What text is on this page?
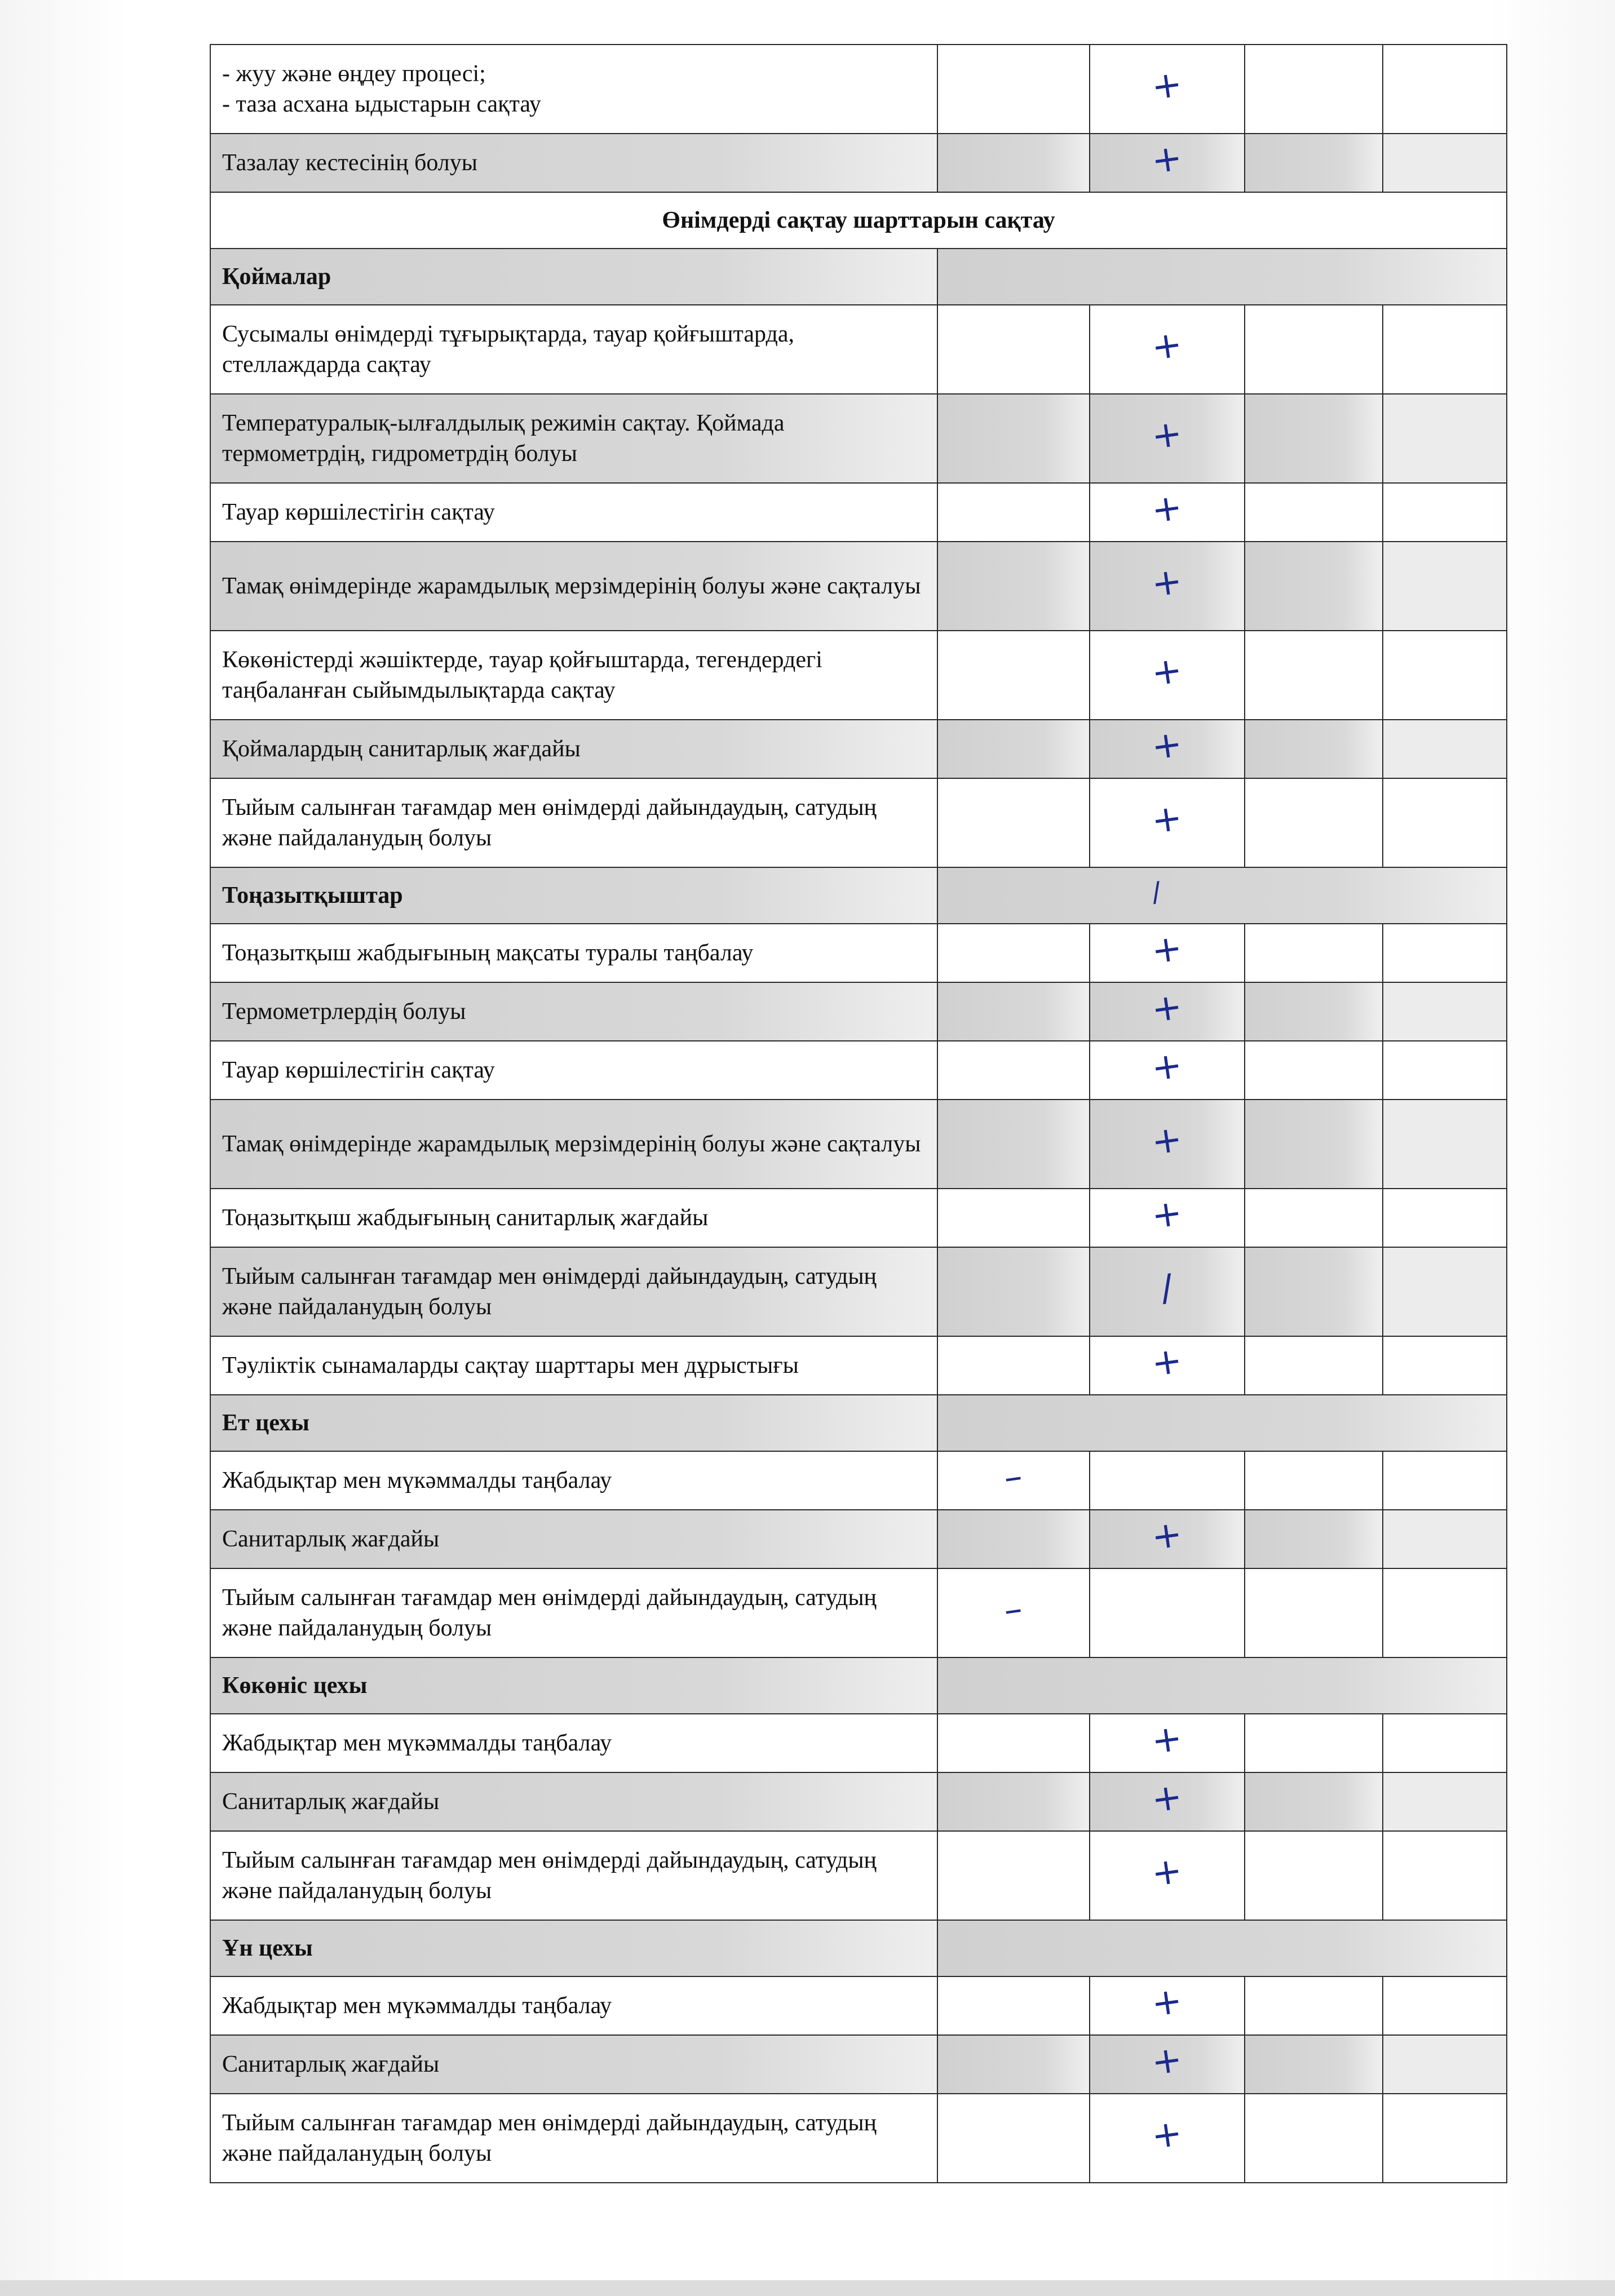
- жуу және өңдеу процесі;
- таза асхана ыдыстарын сақтау		+		
Тазалау кестесінің болуы		+		
Өнімдерді сақтау шарттарын сақтау				
Қоймалар				
Сусымалы өнімдерді тұғырықтарда, тауар қойғыштарда, стеллаждарда сақтау		+		
Температуралық-ылғалдылық режимін сақтау. Қоймада термометрдің, гидрометрдің болуы		+		
Тауар көршілестігін сақтау		+		
Тамақ өнімдерінде жарамдылық мерзімдерінің болуы және сақталуы		+		
Көкөністерді жәшіктерде, тауар қойғыштарда, тегендердегі таңбаланған сыйымдылықтарда сақтау		+		
Қоймалардың санитарлық жағдайы		+		
Тыйым салынған тағамдар мен өнімдерді дайындаудың, сатудың және пайдаланудың болуы		+		
Тоңазытқыштар	/			
Тоңазытқыш жабдығының мақсаты туралы таңбалау		+		
Термометрлердің болуы		+		
Тауар көршілестігін сақтау		+		
Тамақ өнімдерінде жарамдылық мерзімдерінің болуы және сақталуы		+		
Тоңазытқыш жабдығының санитарлық жағдайы		+		
Тыйым салынған тағамдар мен өнімдерді дайындаудың, сатудың және пайдаланудың болуы		/		
Тәуліктік сынамаларды сақтау шарттары мен дұрыстығы		+		
Ет цехы				
Жабдықтар мен мүкәммалды таңбалау	–			
Санитарлық жағдайы		+		
Тыйым салынған тағамдар мен өнімдерді дайындаудың, сатудың және пайдаланудың болуы	–			
Көкөніс цехы				
Жабдықтар мен мүкәммалды таңбалау		+		
Санитарлық жағдайы		+		
Тыйым салынған тағамдар мен өнімдерді дайындаудың, сатудың және пайдаланудың болуы		+		
Ұн цехы				
Жабдықтар мен мүкәммалды таңбалау		+		
Санитарлық жағдайы		+		
Тыйым салынған тағамдар мен өнімдерді дайындаудың, сатудың және пайдаланудың болуы		+		
